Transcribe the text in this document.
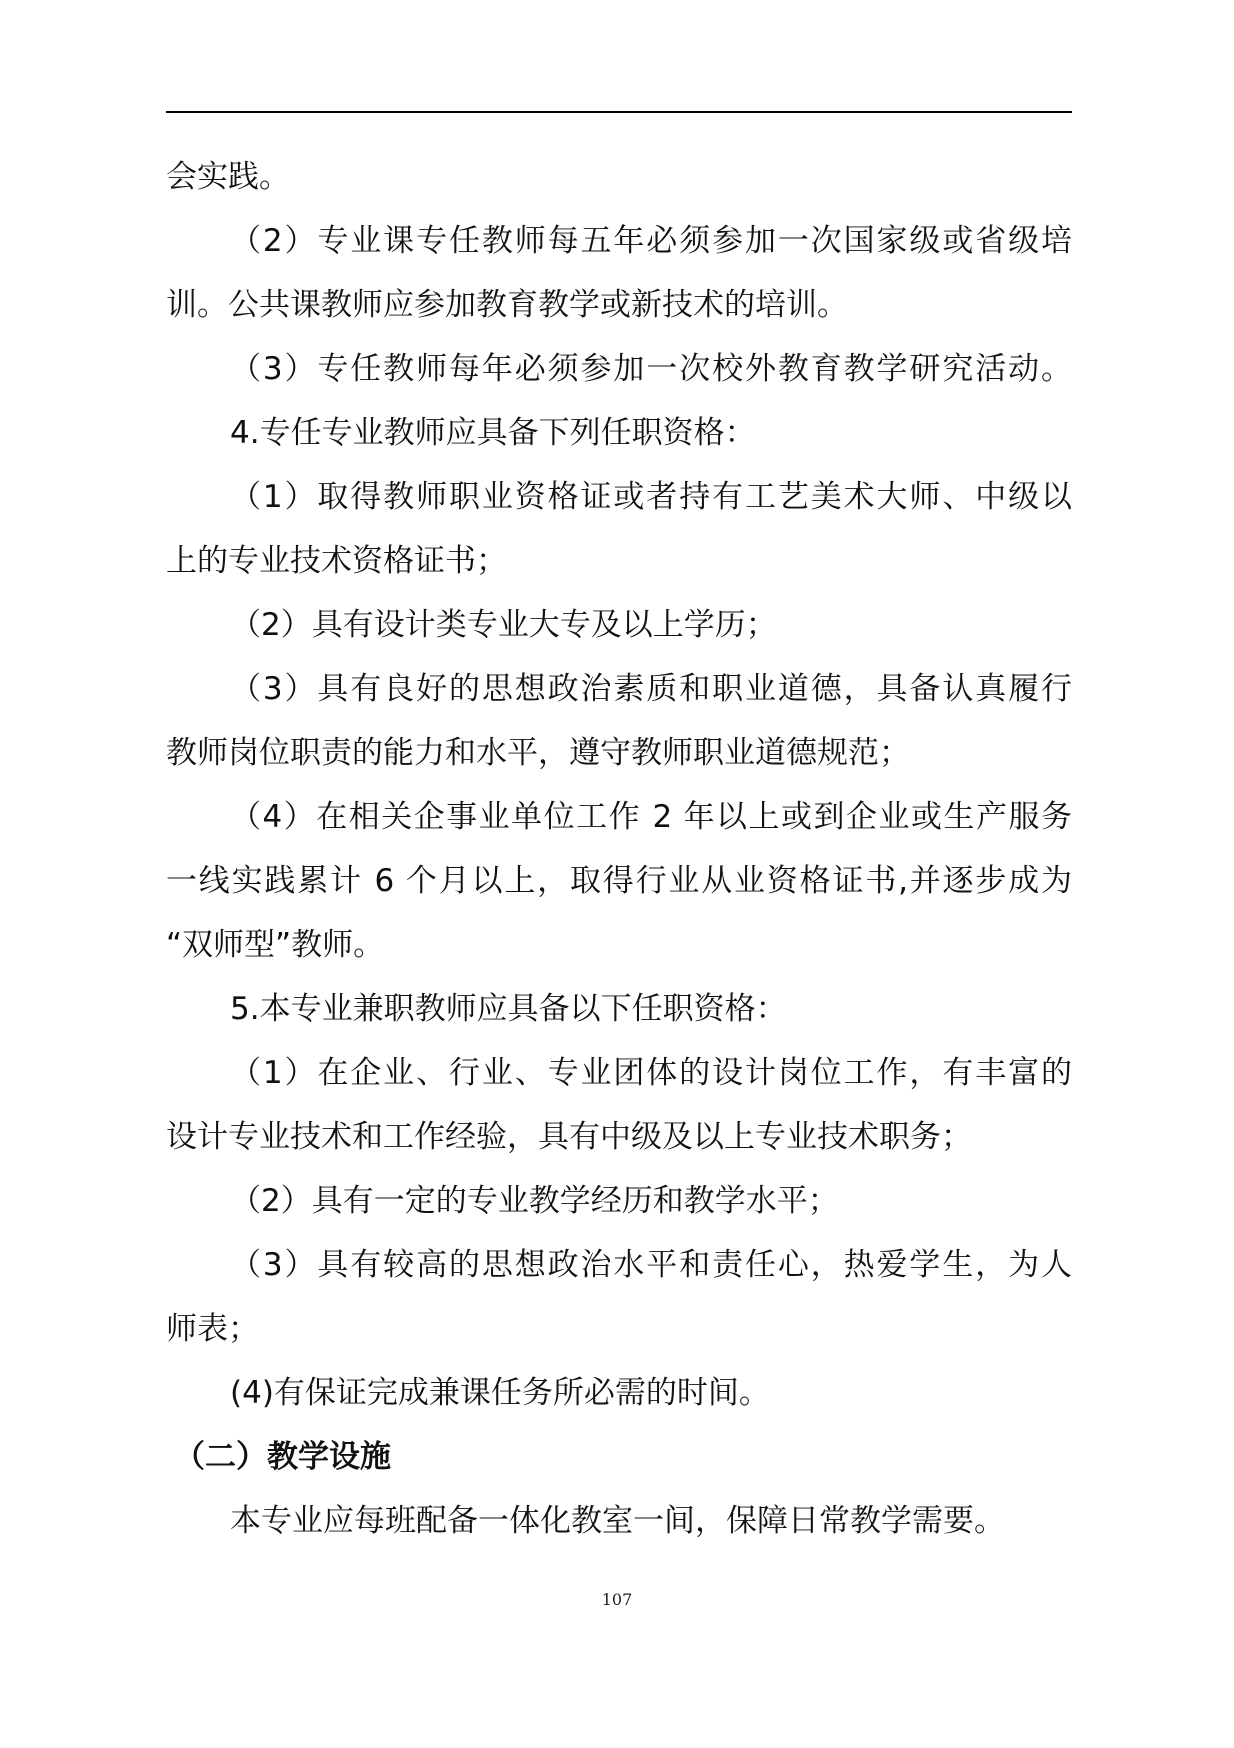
会实践。
（2）专业课专任教师每五年必须参加一次国家级或省级培
训。公共课教师应参加教育教学或新技术的培训。
（3）专任教师每年必须参加一次校外教育教学研究活动。
4.专任专业教师应具备下列任职资格：
（1）取得教师职业资格证或者持有工艺美术大师、中级以
上的专业技术资格证书；
（2）具有设计类专业大专及以上学历；
（3）具有良好的思想政治素质和职业道德，具备认真履行
教师岗位职责的能力和水平，遵守教师职业道德规范；
（4）在相关企事业单位工作 2 年以上或到企业或生产服务
一线实践累计 6 个月以上，取得行业从业资格证书,并逐步成为
“双师型”教师。
5.本专业兼职教师应具备以下任职资格：
（1）在企业、行业、专业团体的设计岗位工作，有丰富的
设计专业技术和工作经验，具有中级及以上专业技术职务；
（2）具有一定的专业教学经历和教学水平；
（3）具有较高的思想政治水平和责任心，热爱学生，为人
师表；
(4)有保证完成兼课任务所必需的时间。
（二）教学设施
本专业应每班配备一体化教室一间，保障日常教学需要。
107
